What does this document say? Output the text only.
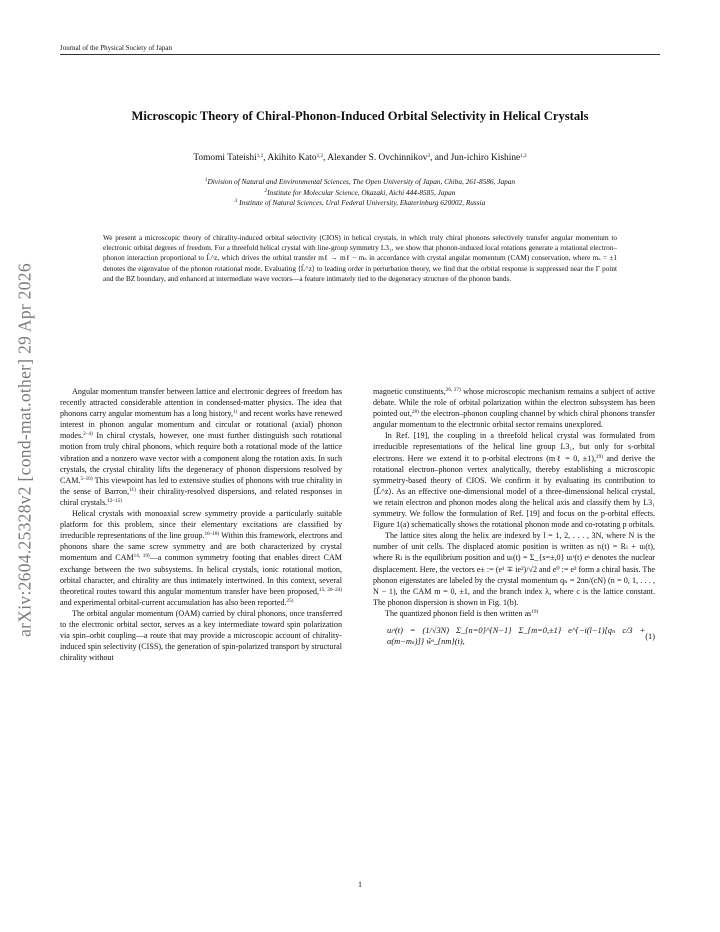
Journal of the Physical Society of Japan
arXiv:2604.25328v2 [cond-mat.other] 29 Apr 2026
Microscopic Theory of Chiral-Phonon-Induced Orbital Selectivity in Helical Crystals
Tomomi Tateishi$^{1,2}$, Akihito Kato$^{1,2}$, Alexander S. Ovchinnikov$^3$, and Jun-ichiro Kishine$^{1,2}$
$^1$Division of Natural and Environmental Sciences, The Open University of Japan, Chiba, 261-8586, Japan
$^2$Institute for Molecular Science, Okazaki, Aichi 444-8585, Japan
$^3$ Institute of Natural Sciences, Ural Federal University, Ekaterinburg 620002, Russia
We present a microscopic theory of chirality-induced orbital selectivity (CIOS) in helical crystals, in which truly chiral phonons selectively transfer angular momentum to electronic orbital degrees of freedom. For a threefold helical crystal with line-group symmetry L3₁, we show that phonon-induced local rotations generate a rotational electron–phonon interaction proportional to L̂^z, which drives the orbital transfer mℓ → mℓ − mₛ in accordance with crystal angular momentum (CAM) conservation, where mₛ = ±1 denotes the eigenvalue of the phonon rotational mode. Evaluating ⟨L̂^z⟩ to leading order in perturbation theory, we find that the orbital response is suppressed near the Γ point and the BZ boundary, and enhanced at intermediate wave vectors—a feature intimately tied to the degeneracy structure of the phonon bands.

Angular momentum transfer between lattice and electronic degrees of freedom has recently attracted considerable attention in condensed-matter physics. The idea that phonons carry angular momentum has a long history,$^{1)}$ and recent works have renewed interest in phonon angular momentum and circular or rotational (axial) phonon modes.$^{2-4)}$ In chiral crystals, however, one must further distinguish such rotational motion from truly chiral phonons, which require both a rotational mode of the lattice vibration and a nonzero wave vector with a component along the rotation axis. In such crystals, the crystal chirality lifts the degeneracy of phonon dispersions resolved by CAM.$^{5-10)}$ This viewpoint has led to extensive studies of phonons with true chirality in the sense of Barron,$^{11)}$ their chirality-resolved dispersions, and related responses in chiral crystals.$^{12-15)}$

Helical crystals with monoaxial screw symmetry provide a particularly suitable platform for this problem, since their elementary excitations are classified by irreducible representations of the line group.$^{16-18)}$ Within this framework, electrons and phonons share the same screw symmetry and are both characterized by crystal momentum and CAM$^{14, 19)}$—a common symmetry footing that enables direct CAM exchange between the two subsystems. In helical crystals, ionic rotational motion, orbital character, and chirality are thus intimately intertwined. In this context, several theoretical routes toward this angular momentum transfer have been proposed,$^{15, 20-24)}$ and experimental orbital-current accumulation has also been reported.$^{25)}$

The orbital angular momentum (OAM) carried by chiral phonons, once transferred to the electronic orbital sector, serves as a key intermediate toward spin polarization via spin–orbit coupling—a route that may provide a microscopic account of chirality-induced spin selectivity (CISS), the generation of spin-polarized transport by structural chirality without

magnetic constituents,$^{26, 27)}$ whose microscopic mechanism remains a subject of active debate. While the role of orbital polarization within the electron subsystem has been pointed out,$^{28)}$ the electron–phonon coupling channel by which chiral phonons transfer angular momentum to the electronic orbital sector remains unexplored.

In Ref. [19], the coupling in a threefold helical crystal was formulated from irreducible representations of the helical line group L3₁, but only for s-orbital electrons. Here we extend it to p-orbital electrons (mℓ = 0, ±1),$^{29)}$ and derive the rotational electron–phonon vertex analytically, thereby establishing a microscopic symmetry-based theory of CIOS. We confirm it by evaluating its contribution to ⟨L̂^z⟩. As an effective one-dimensional model of a three-dimensional helical crystal, we retain electron and phonon modes along the helical axis and classify them by L3₁ symmetry. We follow the formulation of Ref. [19] and focus on the p-orbital effects. Figure 1(a) schematically shows the rotational phonon mode and co-rotating p orbitals.

The lattice sites along the helix are indexed by l = 1, 2, . . . , 3N, where N is the number of unit cells. The displaced atomic position is written as rₗ(t) = Rₗ + uₗ(t), where Rₗ is the equilibrium position and uₗ(t) = Σ_{s=±,0} uₗˢ(t) eˢ denotes the nuclear displacement. Here, the vectors e± := (e¹ ∓ ie²)/√2 and e⁰ := e³ form a chiral basis. The phonon eigenstates are labeled by the crystal momentum qₙ = 2πn/(cN) (n = 0, 1, . . . , N − 1), the CAM m = 0, ±1, and the branch index λ, where c is the lattice constant. The phonon dispersion is shown in Fig. 1(b).

The quantized phonon field is then written $as^{19)}$

uₗˢ(t) = (1/√3N) Σ_{n=0}^{N−1} Σ_{m=0,±1} e^{−i(l−1)[qₙ c/3 + α(m−mₛ)]} ŵˢ_{nm}(t),
(1)
1
